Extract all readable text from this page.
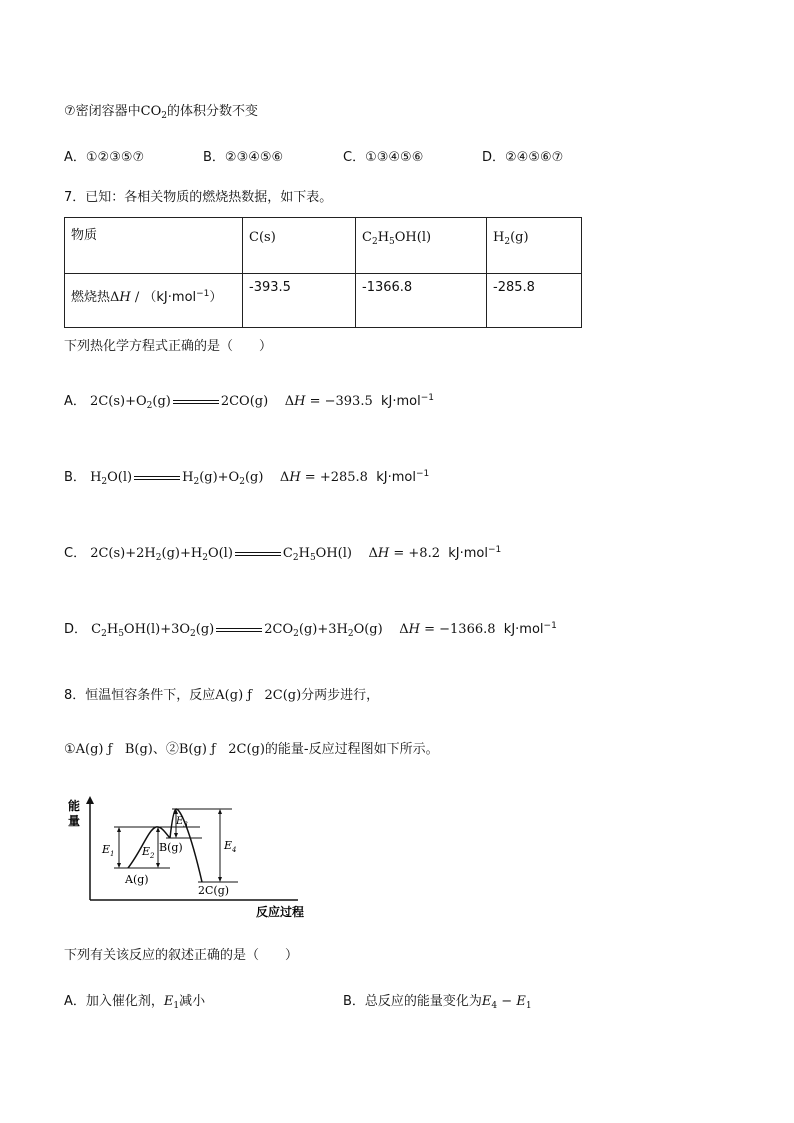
⑦密闭容器中$CO_2$的体积分数不变
A．①②③⑤⑦	B．②③④⑤⑥	C．①③④⑤⑥	D．②④⑤⑥⑦
7．已知：各相关物质的燃烧热数据，如下表。
物质	C(s)	$C_2H_5OH(l)$	$H_2(g)$
燃烧热ΔH / （kJ·mol$^{-1}$）	-393.5	-1366.8	-285.8
下列热化学方程式正确的是（　　）
A． $2C(s)+O_2(g)$	2CO(g)    ΔH = −393.5 kJ·mol$^{-1}$
B． $H_2O(l)$	$H_2(g)+O_2(g)$    ΔH = +285.8 kJ·mol$^{-1}$
C． $2C(s)+2H_2(g)+H_2O(l)$	$C_2H_5OH(l)$    ΔH = +8.2 kJ·mol$^{-1}$
D． $C_2H_5OH(l)+3O_2(g)$	$2CO_2(g)+3H_2O(g)$    ΔH = −1366.8 kJ·mol$^{-1}$
8．恒温恒容条件下，反应A(g) ƒ   2C(g)分两步进行，
①A(g) ƒ   B(g)、②B(g) ƒ   2C(g)的能量-反应过程图如下所示。
能
量
反应过程
A(g)
B(g)
2C(g)
$E_1$	$E_2$
$E_3$
$E_4$
下列有关该反应的叙述正确的是（　　）
A．加入催化剂，$E_1$减小	B．总反应的能量变化为$E_4 - E_1$
